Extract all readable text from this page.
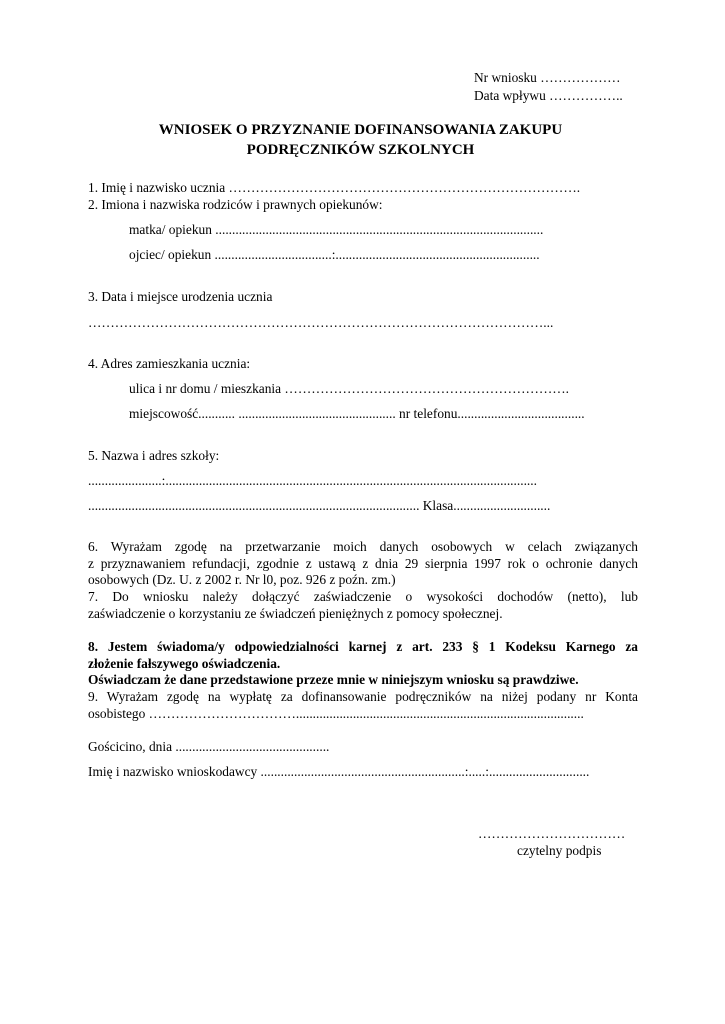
Nr wniosku ………………
Data wpływu ……………..
WNIOSEK O PRZYZNANIE DOFINANSOWANIA ZAKUPU
PODRĘCZNIKÓW SZKOLNYCH
1. Imię i nazwisko ucznia …………………………………………………………………….
2. Imiona i nazwiska rodziców i prawnych opiekunów:
matka/ opiekun ..................................................................................................
ojciec/ opiekun ...................................:.............................................................
3. Data i miejsce urodzenia ucznia
…………………………………………………………………………………………...
4. Adres zamieszkania ucznia:
ulica i nr domu / mieszkania ……………………………………………………….
miejscowość........... ............................................... nr telefonu......................................
5. Nazwa i adres szkoły:
......................:...............................................................................................................
................................................................................................... Klasa.............................
6. Wyrażam zgodę na przetwarzanie moich danych osobowych w celach związanych
z przyznawaniem refundacji, zgodnie z ustawą z dnia 29 sierpnia 1997 rok o ochronie danych
osobowych (Dz. U. z 2002 r. Nr l0, poz. 926 z poźn. zm.)
7. Do wniosku należy dołączyć zaświadczenie o wysokości dochodów (netto), lub
zaświadczenie o korzystaniu ze świadczeń pieniężnych z pomocy społecznej.
8. Jestem świadoma/y odpowiedzialności karnej z art. 233 § 1 Kodeksu Karnego za
złożenie fałszywego oświadczenia.
Oświadczam że dane przedstawione przeze mnie w niniejszym wniosku są prawdziwe.
9. Wyrażam zgodę na wypłatę za dofinansowanie podręczników na niżej podany nr Konta
osobistego ……………………………......................................................................................
Gościcino, dnia ..............................................
Imię i nazwisko wnioskodawcy .............................................................:.....:..............................
……………………………
czytelny podpis
